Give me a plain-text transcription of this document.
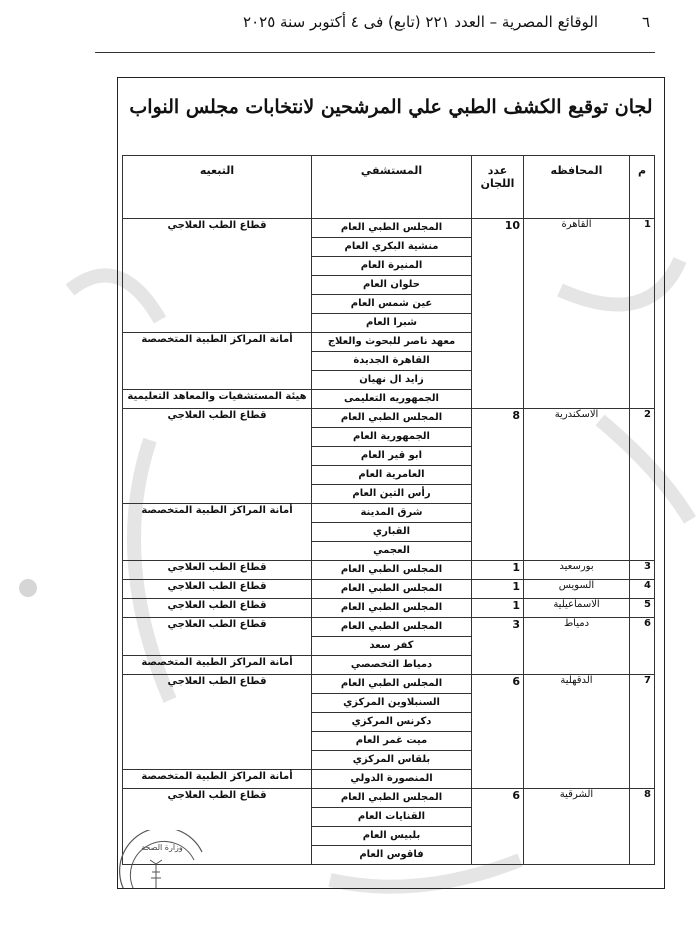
٦
الوقائع المصرية – العدد ٢٢١ (تابع) فى ٤ أكتوبر سنة ٢٠٢٥
لجان توقيع الكشف الطبي علي المرشحين لانتخابات مجلس النواب
م	المحافظه	عدد اللجان	المستشفي	التبعيه
1	القاهرة	10	المجلس الطبي العام	قطاع الطب العلاجي
			منشية البكري العام	
			المنيرة العام	
			حلوان العام	
			عين شمس العام	
			شبرا العام	
			معهد ناصر للبحوث والعلاج	أمانة المراكز الطبية المتخصصة
			القاهرة الجديدة	
			زايد ال نهيان	
			الجمهوريه التعليمى	هيئة المستشفيات والمعاهد التعليمية
2	الاسكندرية	8	المجلس الطبي العام	قطاع الطب العلاجي
			الجمهورية العام	
			ابو قير العام	
			العامرية العام	
			رأس التين العام	
			شرق المدينة	أمانة المراكز الطبية المتخصصة
			القباري	
			العجمي	
3	بورسعيد	1	المجلس الطبي العام	قطاع الطب العلاجي
4	السويس	1	المجلس الطبي العام	قطاع الطب العلاجي
5	الاسماعيلية	1	المجلس الطبي العام	قطاع الطب العلاجي
6	دمياط	3	المجلس الطبي العام	قطاع الطب العلاجي
			كفر سعد	
			دمياط التخصصي	أمانة المراكز الطبية المتخصصة
7	الدقهلية	6	المجلس الطبي العام	قطاع الطب العلاجي
			السنبلاوين المركزي	
			دكرنس المركزي	
			ميت غمر العام	
			بلقاس المركزي	
			المنصورة الدولي	أمانة المراكز الطبية المتخصصة
8	الشرقية	6	المجلس الطبي العام	قطاع الطب العلاجي
			القنايات العام	
			بلبيس العام	
			فاقوس العام	
وزارة الصحة
